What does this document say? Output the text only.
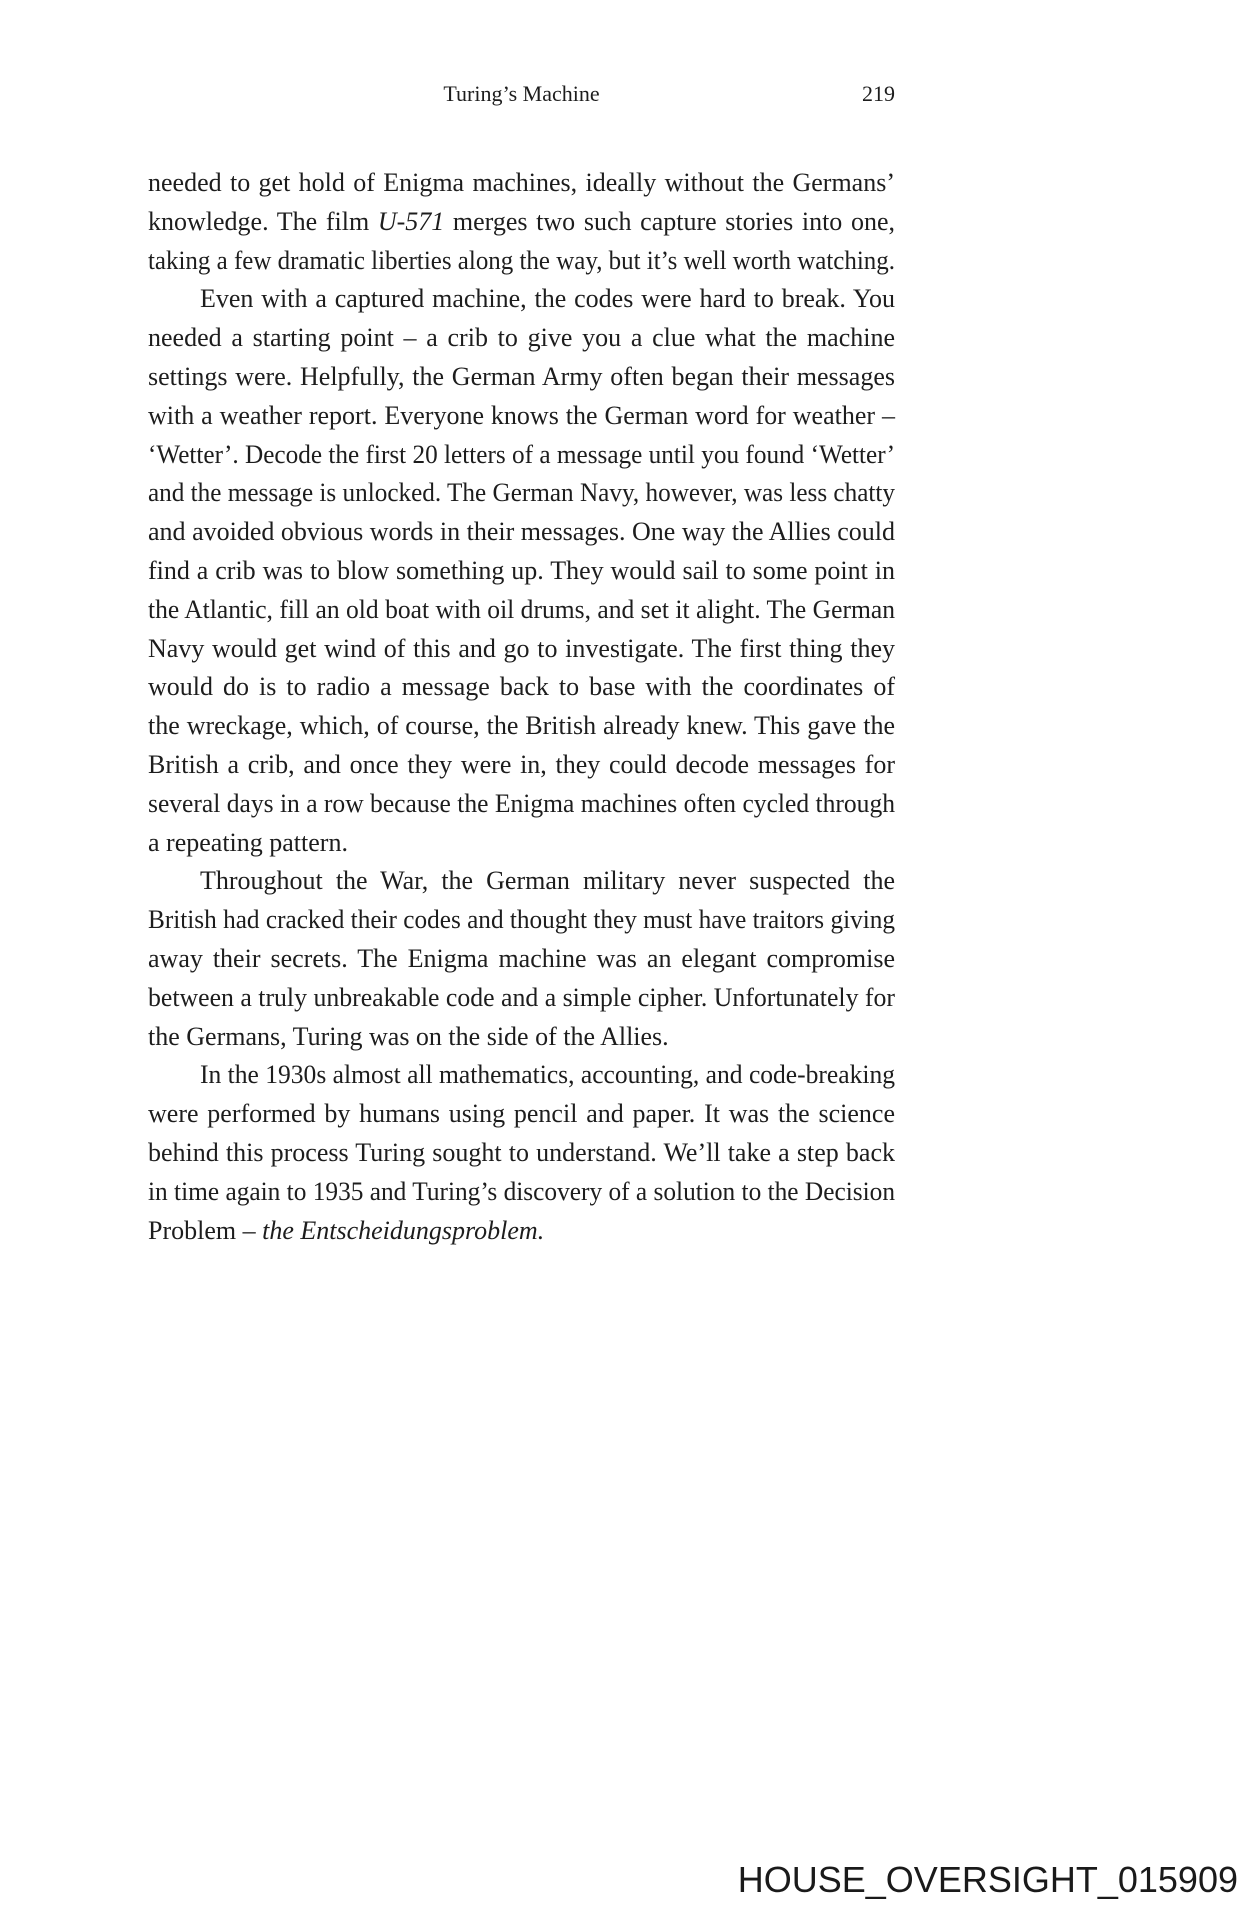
Turing’s Machine	219
needed to get hold of Enigma machines, ideally without the Germans’
knowledge. The film U-571 merges two such capture stories into one,
taking a few dramatic liberties along the way, but it’s well worth watching.
Even with a captured machine, the codes were hard to break. You
needed a starting point – a crib to give you a clue what the machine
settings were. Helpfully, the German Army often began their messages
with a weather report. Everyone knows the German word for weather –
‘Wetter’. Decode the first 20 letters of a message until you found ‘Wetter’
and the message is unlocked. The German Navy, however, was less chatty
and avoided obvious words in their messages. One way the Allies could
find a crib was to blow something up. They would sail to some point in
the Atlantic, fill an old boat with oil drums, and set it alight. The German
Navy would get wind of this and go to investigate. The first thing they
would do is to radio a message back to base with the coordinates of
the wreckage, which, of course, the British already knew. This gave the
British a crib, and once they were in, they could decode messages for
several days in a row because the Enigma machines often cycled through
a repeating pattern.
Throughout the War, the German military never suspected the
British had cracked their codes and thought they must have traitors giving
away their secrets. The Enigma machine was an elegant compromise
between a truly unbreakable code and a simple cipher. Unfortunately for
the Germans, Turing was on the side of the Allies.
In the 1930s almost all mathematics, accounting, and code-breaking
were performed by humans using pencil and paper. It was the science
behind this process Turing sought to understand. We’ll take a step back
in time again to 1935 and Turing’s discovery of a solution to the Decision
Problem – the Entscheidungsproblem.
HOUSE_OVERSIGHT_015909
